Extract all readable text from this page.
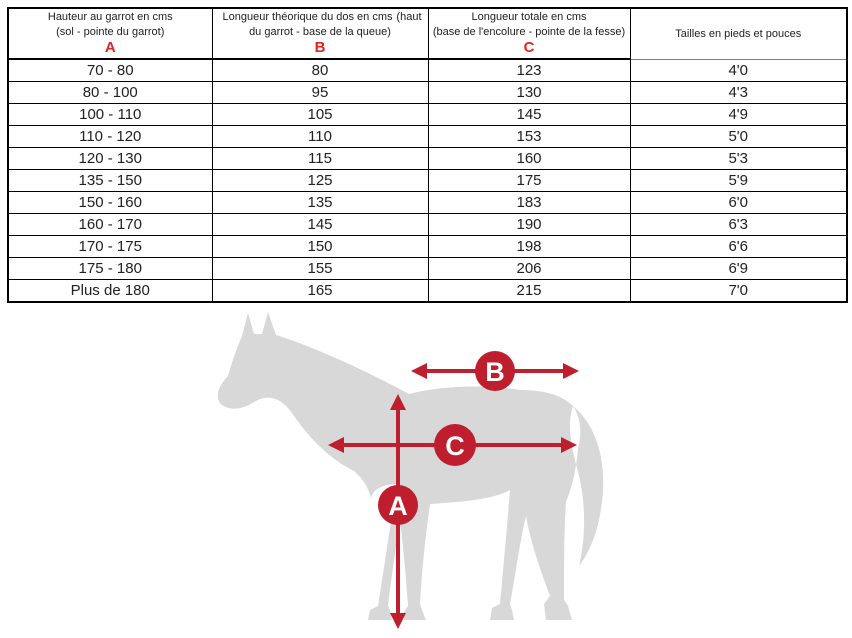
Hauteur au garrot en cms
(sol - pointe du garrot)
A

Longueur théorique du dos en cms (haut
du garrot - base de la queue)
B

Longueur totale en cms
(base de l'encolure - pointe de la fesse)
C

Tailles en pieds et pouces

70 - 80	80	123	4'0
80 - 100	95	130	4'3
100 - 110	105	145	4'9
110 - 120	110	153	5'0
120 - 130	115	160	5'3
135 - 150	125	175	5'9
150 - 160	135	183	6'0
160 - 170	145	190	6'3
170 - 175	150	198	6'6
175 - 180	155	206	6'9
Plus de 180	165	215	7'0
B
C
A
